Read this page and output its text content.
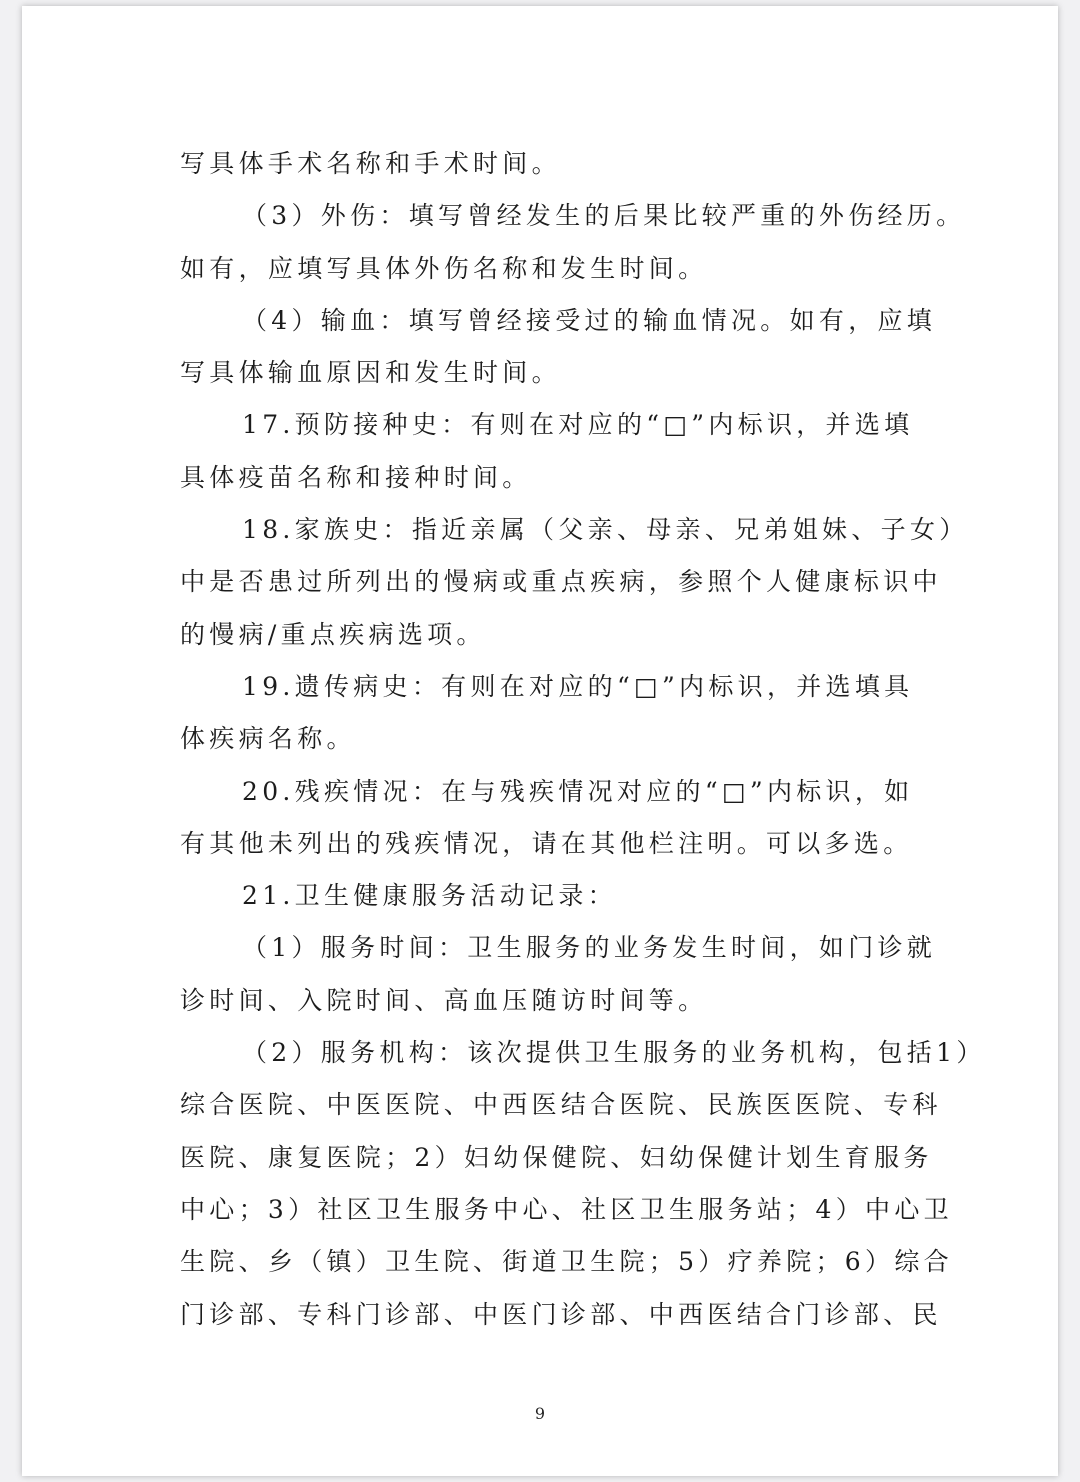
写具体手术名称和手术时间。
（3）外伤：填写曾经发生的后果比较严重的外伤经历。
如有，应填写具体外伤名称和发生时间。
（4）输血：填写曾经接受过的输血情况。如有，应填
写具体输血原因和发生时间。
17.预防接种史：有则在对应的“□”内标识，并选填
具体疫苗名称和接种时间。
18.家族史：指近亲属（父亲、母亲、兄弟姐妹、子女）
中是否患过所列出的慢病或重点疾病，参照个人健康标识中
的慢病/重点疾病选项。
19.遗传病史：有则在对应的“□”内标识，并选填具
体疾病名称。
20.残疾情况：在与残疾情况对应的“□”内标识，如
有其他未列出的残疾情况，请在其他栏注明。可以多选。
21.卫生健康服务活动记录：
（1）服务时间：卫生服务的业务发生时间，如门诊就
诊时间、入院时间、高血压随访时间等。
（2）服务机构：该次提供卫生服务的业务机构，包括1）
综合医院、中医医院、中西医结合医院、民族医医院、专科
医院、康复医院；2）妇幼保健院、妇幼保健计划生育服务
中心；3）社区卫生服务中心、社区卫生服务站；4）中心卫
生院、乡（镇）卫生院、街道卫生院；5）疗养院；6）综合
门诊部、专科门诊部、中医门诊部、中西医结合门诊部、民
9
